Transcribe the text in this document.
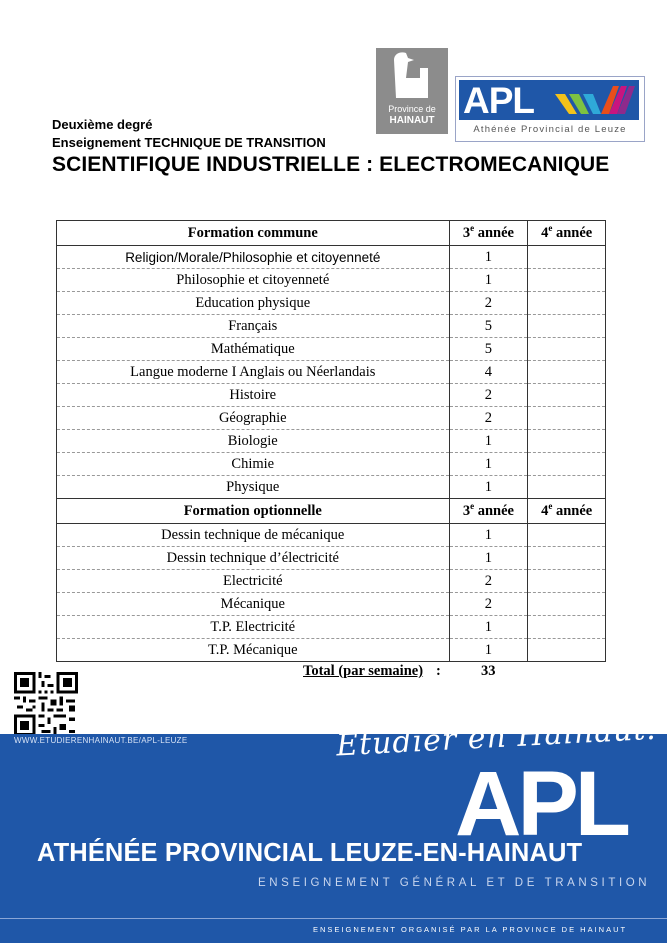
Province de
HAINAUT APL
Athénée Provincial de Leuze
Deuxième degré
Enseignement TECHNIQUE DE TRANSITION
SCIENTIFIQUE INDUSTRIELLE : ELECTROMECANIQUE
Formation commune	3e année	4e année
Religion/Morale/Philosophie et citoyenneté	1	
Philosophie et citoyenneté	1	
Education physique	2	
Français	5	
Mathématique	5	
Langue moderne I Anglais ou Néerlandais	4	
Histoire	2	
Géographie	2	
Biologie	1	
Chimie	1	
Physique	1	
Formation optionnelle	3e année	4e année
Dessin technique de mécanique	1	
Dessin technique d’électricité	1	
Electricité	2	
Mécanique	2	
T.P. Electricité	1	
T.P. Mécanique	1	
Total (par semaine) :	33
WWW.ETUDIERENHAINAUT.BE/APL-LEUZE	Etudier en Hainaut!
APL
ATHÉNÉE PROVINCIAL LEUZE-EN-HAINAUT
ENSEIGNEMENT GÉNÉRAL ET DE TRANSITION
ENSEIGNEMENT ORGANISÉ PAR LA PROVINCE DE HAINAUT
